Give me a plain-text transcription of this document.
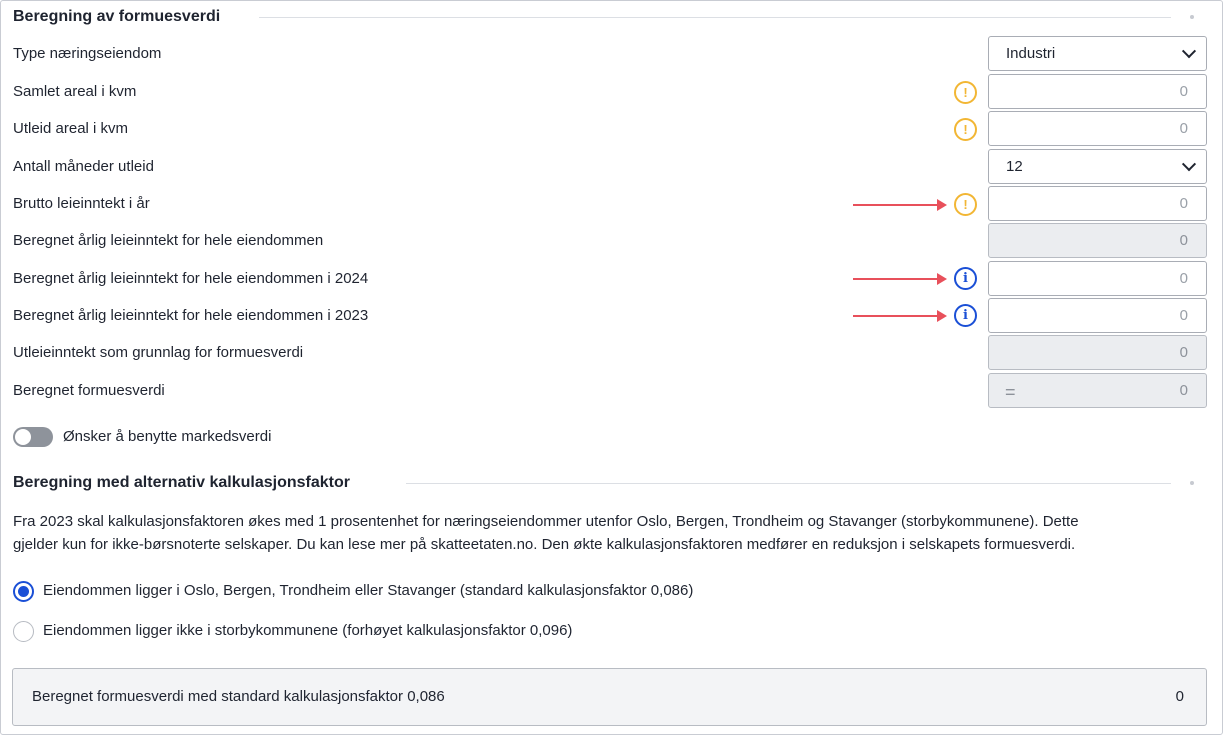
Beregning av formuesverdi
Type næringseiendom	Industri
Samlet areal i kvm	!	0
Utleid areal i kvm	!	0
Antall måneder utleid	12
Brutto leieinntekt i år	!	0
Beregnet årlig leieinntekt for hele eiendommen	0
Beregnet årlig leieinntekt for hele eiendommen i 2024	i	0
Beregnet årlig leieinntekt for hele eiendommen i 2023	i	0
Utleieinntekt som grunnlag for formuesverdi	0
Beregnet formuesverdi	=	0
Ønsker å benytte markedsverdi
Beregning med alternativ kalkulasjonsfaktor
Fra 2023 skal kalkulasjonsfaktoren økes med 1 prosentenhet for næringseiendommer utenfor Oslo, Bergen, Trondheim og Stavanger (storbykommunene). Dette
gjelder kun for ikke-børsnoterte selskaper. Du kan lese mer på skatteetaten.no. Den økte kalkulasjonsfaktoren medfører en reduksjon i selskapets formuesverdi.
Eiendommen ligger i Oslo, Bergen, Trondheim eller Stavanger (standard kalkulasjonsfaktor 0,086)
Eiendommen ligger ikke i storbykommunene (forhøyet kalkulasjonsfaktor 0,096)
Beregnet formuesverdi med standard kalkulasjonsfaktor 0,086	0
